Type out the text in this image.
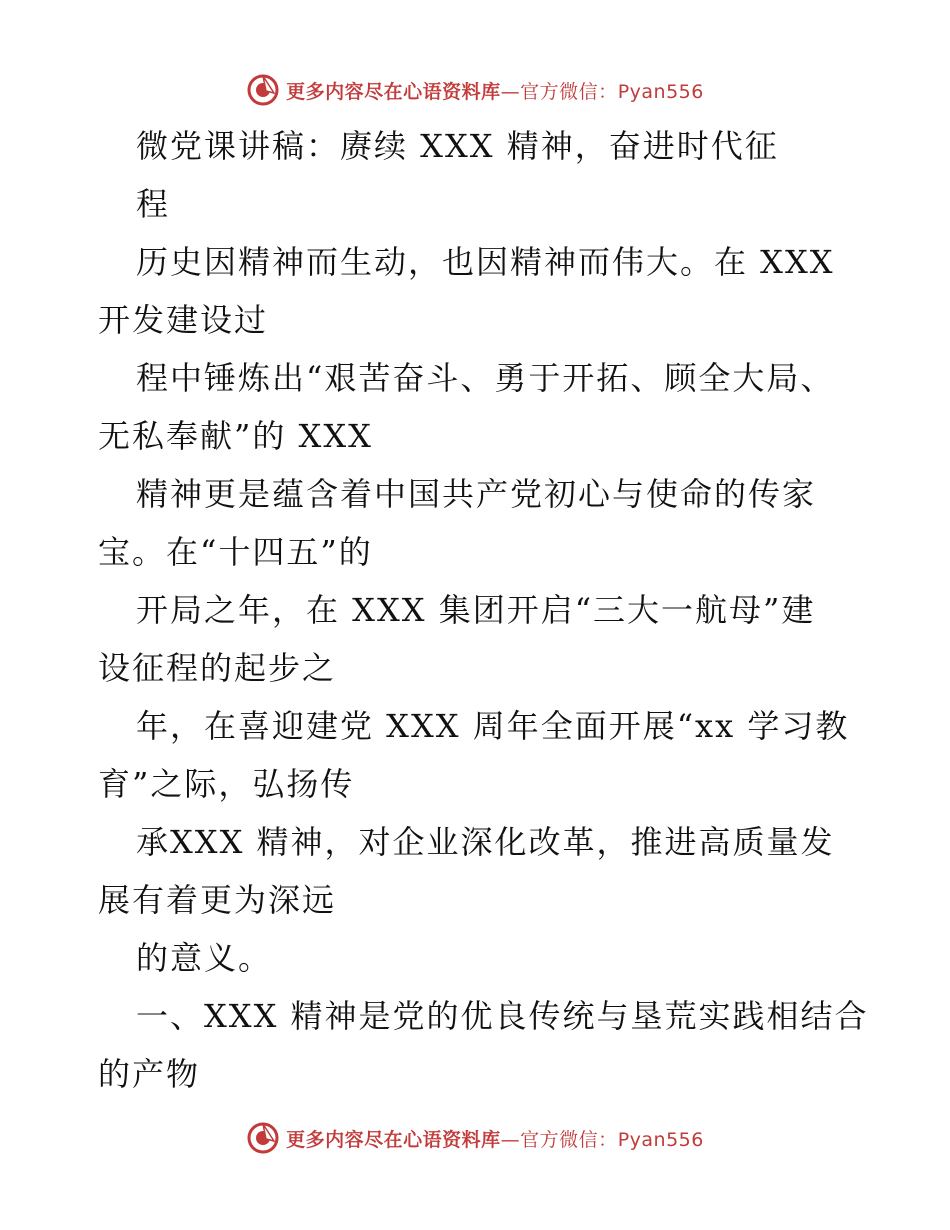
更多内容尽在心语资料库—官方微信：Pyan556
微党课讲稿：赓续 XXX 精神，奋进时代征
程
历史因精神而生动，也因精神而伟大。在 XXX
开发建设过
程中锤炼出“艰苦奋斗、勇于开拓、顾全大局、
无私奉献”的 XXX
精神更是蕴含着中国共产党初心与使命的传家
宝。在“十四五”的
开局之年，在 XXX 集团开启“三大一航母”建
设征程的起步之
年，在喜迎建党 XXX 周年全面开展“xx 学习教
育”之际，弘扬传
承XXX 精神，对企业深化改革，推进高质量发
展有着更为深远
的意义。
一、XXX 精神是党的优良传统与垦荒实践相结合
的产物
更多内容尽在心语资料库—官方微信：Pyan556
